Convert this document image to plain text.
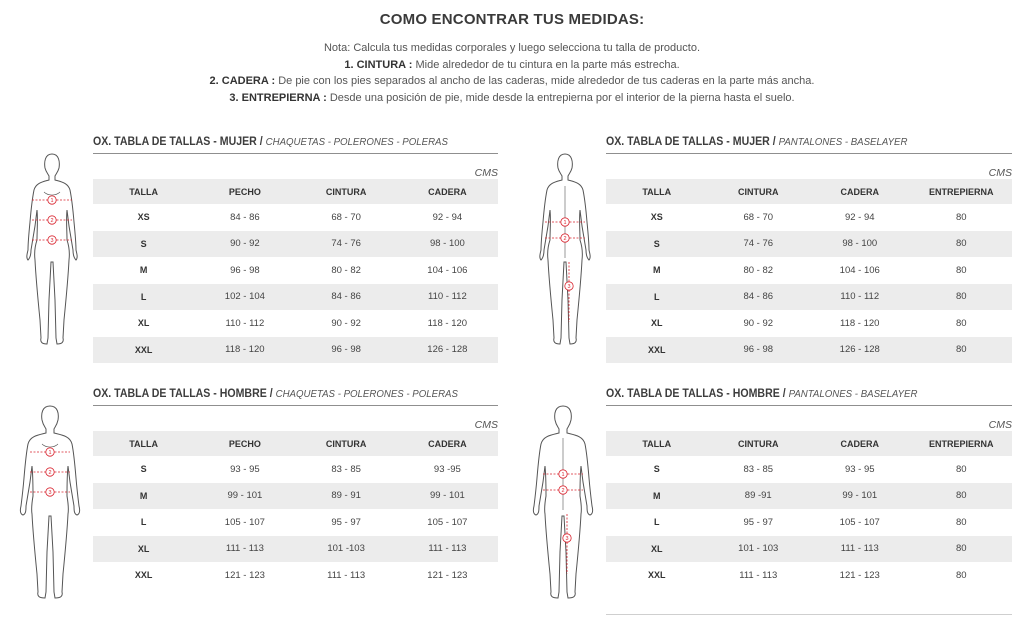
COMO ENCONTRAR TUS MEDIDAS:
Nota: Calcula tus medidas corporales y luego selecciona tu talla de producto.
1. CINTURA : Mide alrededor de tu cintura en la parte más estrecha.
2. CADERA : De pie con los pies separados al ancho de las caderas, mide alrededor de tus caderas en la parte más ancha.
3. ENTREPIERNA : Desde una posición de pie, mide desde la entrepierna por el interior de la pierna hasta el suelo.
1
2
3
1
2
3
1
2
3
1
2
3
OX. TABLA DE TALLAS - MUJER / CHAQUETAS - POLERONES - POLERAS
CMS
TALLA	PECHO	CINTURA	CADERA
XS	84 - 86	68 - 70	92 - 94
S	90 - 92	74 - 76	98 - 100
M	96 - 98	80 - 82	104 - 106
L	102 - 104	84 - 86	110 - 112
XL	110 - 112	90 - 92	118 - 120
XXL	118 - 120	96 - 98	126 - 128
OX. TABLA DE TALLAS - MUJER / PANTALONES - BASELAYER
CMS
TALLA	CINTURA	CADERA	ENTREPIERNA
XS	68 - 70	92 - 94	80
S	74 - 76	98 - 100	80
M	80 - 82	104 - 106	80
L	84 - 86	110 - 112	80
XL	90 - 92	118 - 120	80
XXL	96 - 98	126 - 128	80
OX. TABLA DE TALLAS - HOMBRE / CHAQUETAS - POLERONES - POLERAS
CMS
TALLA	PECHO	CINTURA	CADERA
S	93 - 95	83 - 85	93 -95
M	99 - 101	89 - 91	99 - 101
L	105 - 107	95 - 97	105 - 107
XL	111 - 113	101 -103	111 - 113
XXL	121 - 123	111 - 113	121 - 123
OX. TABLA DE TALLAS - HOMBRE / PANTALONES - BASELAYER
CMS
TALLA	CINTURA	CADERA	ENTREPIERNA
S	83 - 85	93 - 95	80
M	89 -91	99 - 101	80
L	95 - 97	105 - 107	80
XL	101 - 103	111 - 113	80
XXL	111 - 113	121 - 123	80
